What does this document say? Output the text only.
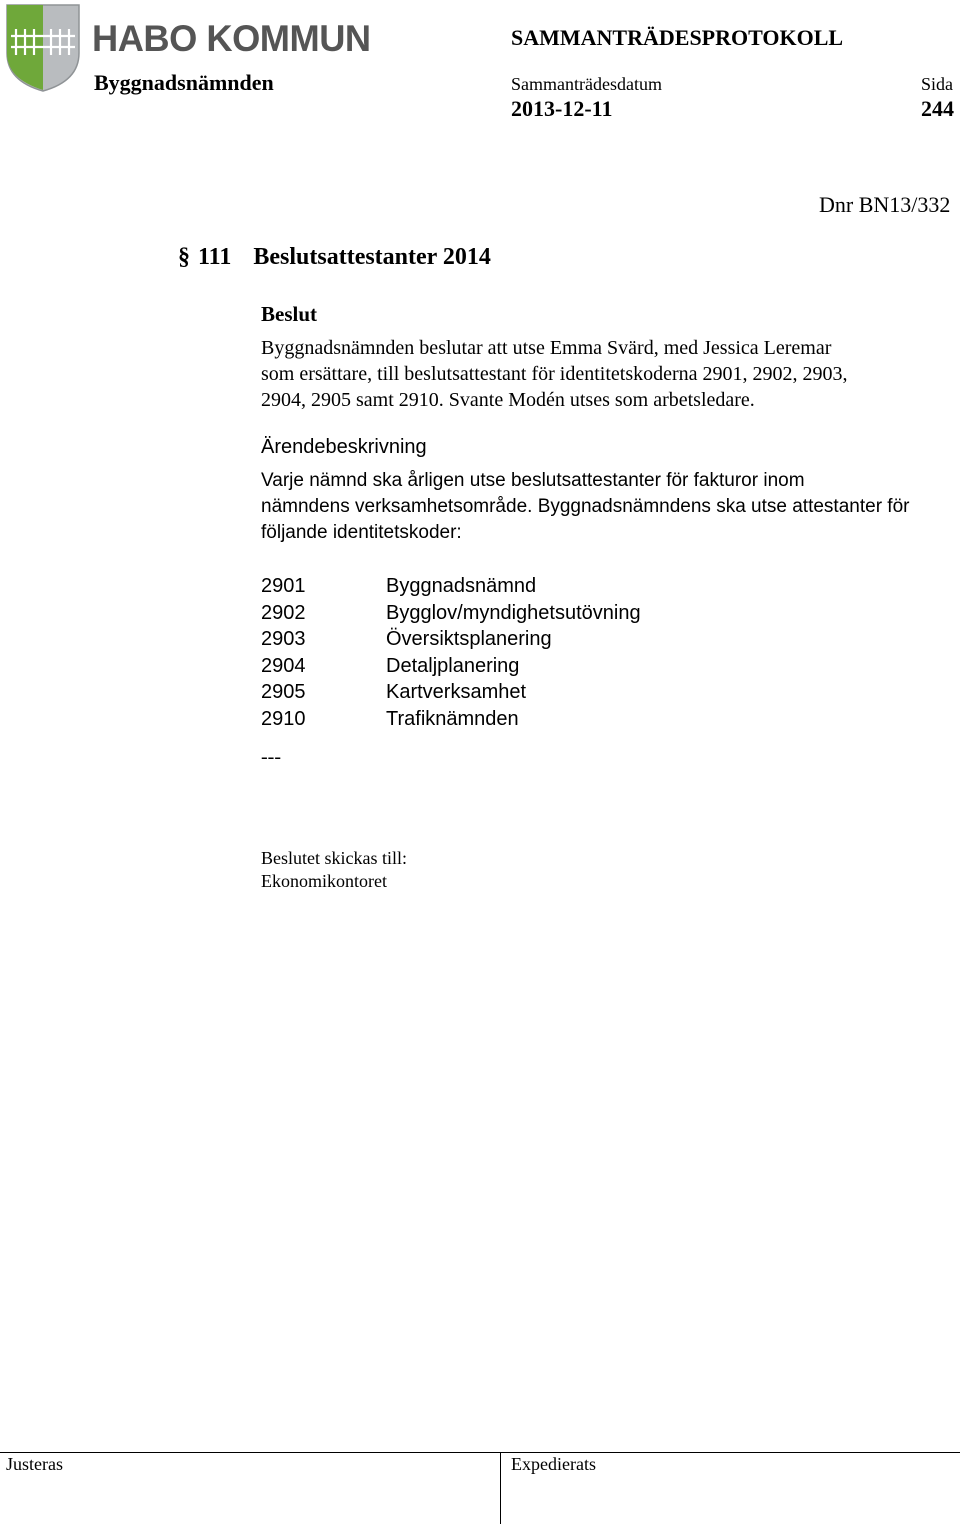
HABO KOMMUN
Byggnadsnämnden
SAMMANTRÄDESPROTOKOLL
Sammanträdesdatum	Sida
2013-12-11	244
Dnr BN13/332
§ 111 Beslutsattestanter 2014
Beslut
Byggnadsnämnden beslutar att utse Emma Svärd, med Jessica Leremar
som ersättare, till beslutsattestant för identitetskoderna 2901, 2902, 2903,
2904, 2905 samt 2910. Svante Modén utses som arbetsledare.
Ärendebeskrivning
Varje nämnd ska årligen utse beslutsattestanter för fakturor inom
nämndens verksamhetsområde. Byggnadsnämndens ska utse attestanter för
följande identitetskoder:
2901	Byggnadsnämnd
2902	Bygglov/myndighetsutövning
2903	Översiktsplanering
2904	Detaljplanering
2905	Kartverksamhet
2910	Trafiknämnden
---
Beslutet skickas till:
Ekonomikontoret
Justeras	Expedierats
